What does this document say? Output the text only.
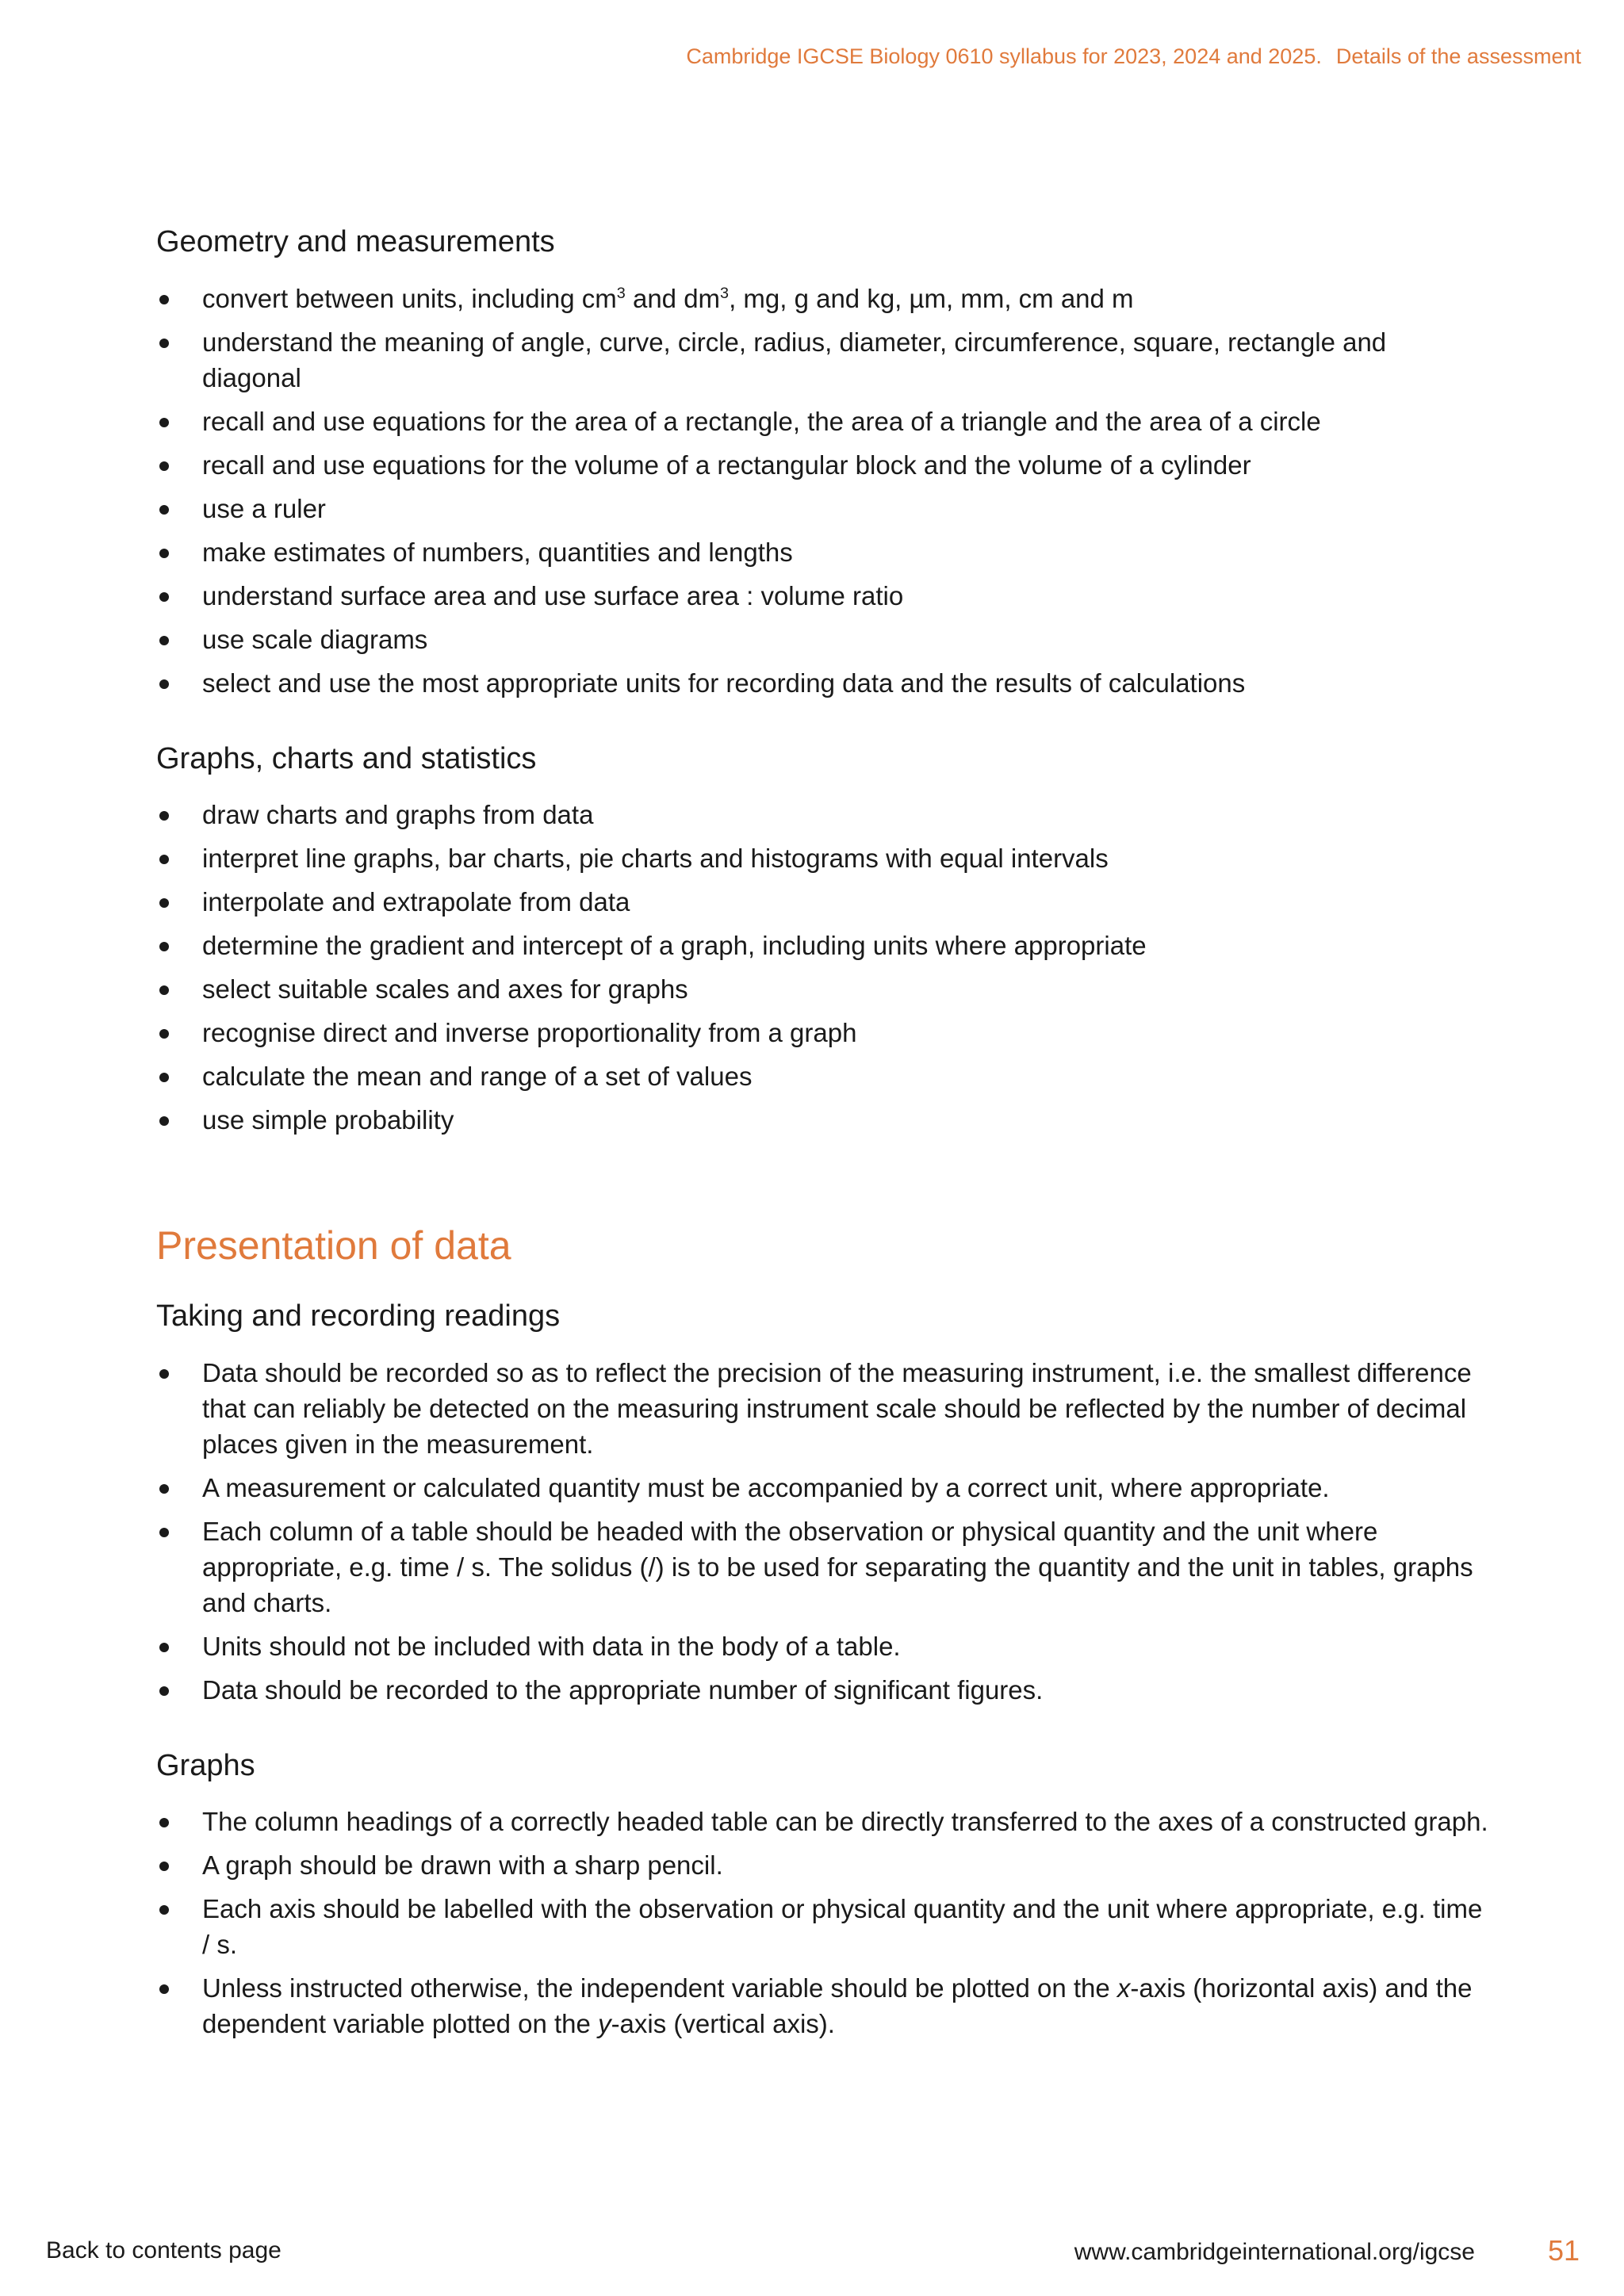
Cambridge IGCSE Biology 0610 syllabus for 2023, 2024 and 2025. Details of the assessment
Geometry and measurements
convert between units, including $cm^3$ and $dm^3$, mg, g and kg, µm, mm, cm and m
understand the meaning of angle, curve, circle, radius, diameter, circumference, square, rectangle and diagonal
recall and use equations for the area of a rectangle, the area of a triangle and the area of a circle
recall and use equations for the volume of a rectangular block and the volume of a cylinder
use a ruler
make estimates of numbers, quantities and lengths
understand surface area and use surface area : volume ratio
use scale diagrams
select and use the most appropriate units for recording data and the results of calculations
Graphs, charts and statistics
draw charts and graphs from data
interpret line graphs, bar charts, pie charts and histograms with equal intervals
interpolate and extrapolate from data
determine the gradient and intercept of a graph, including units where appropriate
select suitable scales and axes for graphs
recognise direct and inverse proportionality from a graph
calculate the mean and range of a set of values
use simple probability
Presentation of data
Taking and recording readings
Data should be recorded so as to reflect the precision of the measuring instrument, i.e. the smallest difference that can reliably be detected on the measuring instrument scale should be reflected by the number of decimal places given in the measurement.
A measurement or calculated quantity must be accompanied by a correct unit, where appropriate.
Each column of a table should be headed with the observation or physical quantity and the unit where appropriate, e.g. time / s. The solidus (/) is to be used for separating the quantity and the unit in tables, graphs and charts.
Units should not be included with data in the body of a table.
Data should be recorded to the appropriate number of significant figures.
Graphs
The column headings of a correctly headed table can be directly transferred to the axes of a constructed graph.
A graph should be drawn with a sharp pencil.
Each axis should be labelled with the observation or physical quantity and the unit where appropriate, e.g. time / s.
Unless instructed otherwise, the independent variable should be plotted on the x-axis (horizontal axis) and the dependent variable plotted on the y-axis (vertical axis).
Back to contents page	www.cambridgeinternational.org/igcse	51
